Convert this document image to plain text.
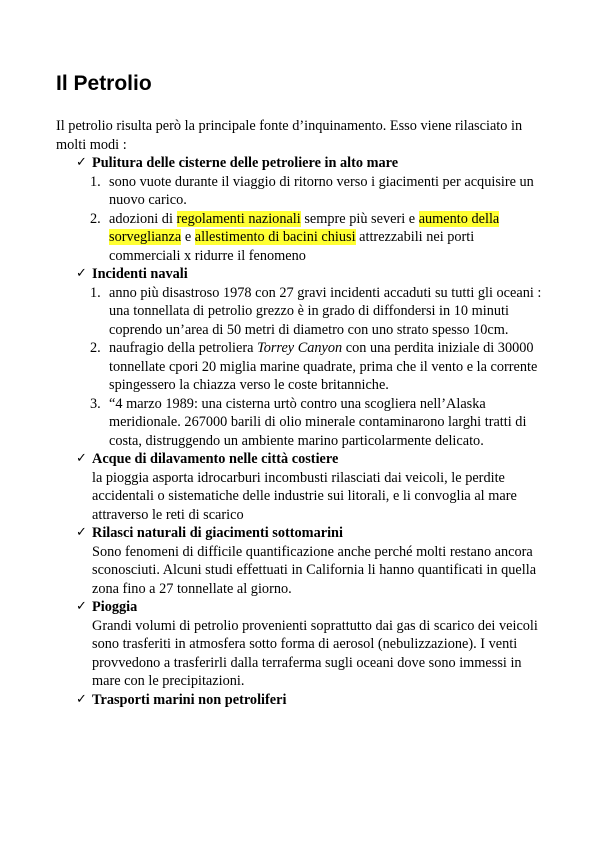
Il Petrolio

Il petrolio risulta però la principale fonte d’inquinamento. Esso viene rilasciato in molti modi :

✓ Pulitura delle cisterne delle petroliere in alto mare
1. sono vuote durante il viaggio di ritorno verso i giacimenti per acquisire un nuovo carico.
2. adozioni di regolamenti nazionali sempre più severi e aumento della sorveglianza e allestimento di bacini chiusi attrezzabili nei porti commerciali x ridurre il fenomeno
✓ Incidenti navali
1. anno più disastroso 1978 con 27 gravi incidenti accaduti su tutti gli oceani : una tonnellata di petrolio grezzo è in grado di diffondersi in 10 minuti coprendo un’area di 50 metri di diametro con uno strato spesso 10cm.
2. naufragio della petroliera Torrey Canyon con una perdita iniziale di 30000 tonnellate cpori 20 miglia marine quadrate, prima che il vento e la corrente spingessero la chiazza verso le coste britanniche.
3. “4 marzo 1989: una cisterna urtò contro una scogliera nell’Alaska meridionale. 267000 barili di olio minerale contaminarono larghi tratti di costa, distruggendo un ambiente marino particolarmente delicato.
✓ Acque di dilavamento nelle città costiere
la pioggia asporta idrocarburi incombusti rilasciati dai veicoli, le perdite accidentali o sistematiche delle industrie sui litorali, e li convoglia al mare attraverso le reti di scarico
✓ Rilasci naturali di giacimenti sottomarini
Sono fenomeni di difficile quantificazione anche perché molti restano ancora sconosciuti. Alcuni studi effettuati in California li hanno quantificati in quella zona fino a 27 tonnellate al giorno.
✓ Pioggia
Grandi volumi di petrolio provenienti soprattutto dai gas di scarico dei veicoli sono trasferiti in atmosfera sotto forma di aerosol (nebulizzazione). I venti provvedono a trasferirli dalla terraferma sugli oceani dove sono immessi in mare con le precipitazioni.
✓ Trasporti marini non petroliferi
